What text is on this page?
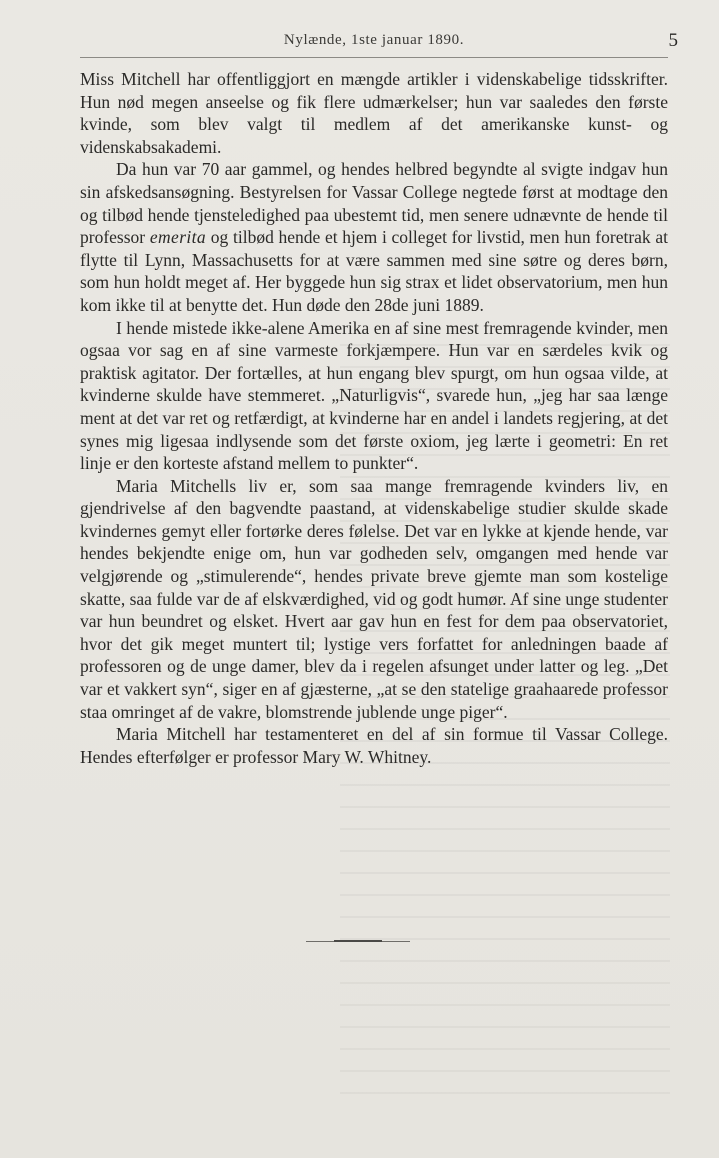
Nylænde, 1ste januar 1890.	5

Miss Mitchell har offentliggjort en mængde artikler i videnskabelige tidsskrifter. Hun nød megen anseelse og fik flere udmærkelser; hun var saaledes den første kvinde, som blev valgt til medlem af det amerikanske kunst- og videnskabsakademi.

Da hun var 70 aar gammel, og hendes helbred begyndte al svigte indgav hun sin afskedsansøgning. Bestyrelsen for Vassar College negtede først at modtage den og tilbød hende tjensteledighed paa ubestemt tid, men senere udnævnte de hende til professor emerita og tilbød hende et hjem i colleget for livstid, men hun foretrak at flytte til Lynn, Massachusetts for at være sammen med sine søtre og deres børn, som hun holdt meget af. Her byggede hun sig strax et lidet observatorium, men hun kom ikke til at benytte det. Hun døde den 28de juni 1889.

I hende mistede ikke-alene Amerika en af sine mest fremragende kvinder, men ogsaa vor sag en af sine varmeste forkjæmpere. Hun var en særdeles kvik og praktisk agitator. Der fortælles, at hun engang blev spurgt, om hun ogsaa vilde, at kvinderne skulde have stemmeret. „Naturligvis“, svarede hun, „jeg har saa længe ment at det var ret og retfærdigt, at kvinderne har en andel i landets regjering, at det synes mig ligesaa indlysende som det første oxiom, jeg lærte i geometri: En ret linje er den korteste afstand mellem to punkter“.

Maria Mitchells liv er, som saa mange fremragende kvinders liv, en gjendrivelse af den bagvendte paastand, at videnskabelige studier skulde skade kvindernes gemyt eller fortørke deres følelse. Det var en lykke at kjende hende, var hendes bekjendte enige om, hun var godheden selv, omgangen med hende var velgjørende og „stimulerende“, hendes private breve gjemte man som kostelige skatte, saa fulde var de af elskværdighed, vid og godt humør. Af sine unge studenter var hun beundret og elsket. Hvert aar gav hun en fest for dem paa observatoriet, hvor det gik meget muntert til; lystige vers forfattet for anledningen baade af professoren og de unge damer, blev da i regelen afsunget under latter og leg. „Det var et vakkert syn“, siger en af gjæsterne, „at se den statelige graahaarede professor staa omringet af de vakre, blomstrende jublende unge piger“.

Maria Mitchell har testamenteret en del af sin formue til Vassar College. Hendes efterfølger er professor Mary W. Whitney.
